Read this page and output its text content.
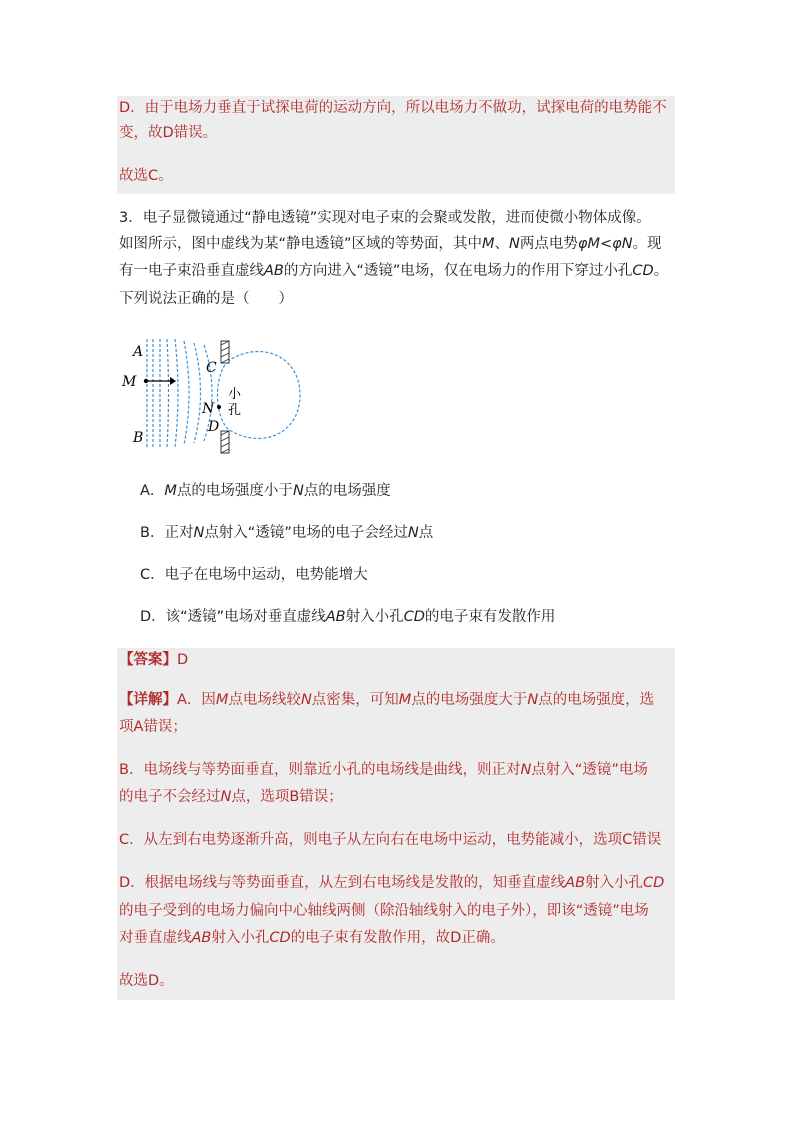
D．由于电场力垂直于试探电荷的运动方向，所以电场力不做功，试探电荷的电势能不
变，故D错误。
故选C。
3．电子显微镜通过“静电透镜”实现对电子束的会聚或发散，进而使微小物体成像。
如图所示，图中虚线为某“静电透镜”区域的等势面，其中M、N两点电势φM<φN。现
有一电子束沿垂直虚线AB的方向进入“透镜”电场，仅在电场力的作用下穿过小孔CD。
下列说法正确的是（　　）
A
M
B
C
N
D
小
孔
A．M点的电场强度小于N点的电场强度
B．正对N点射入“透镜”电场的电子会经过N点
C．电子在电场中运动，电势能增大
D．该“透镜”电场对垂直虚线AB射入小孔CD的电子束有发散作用
【答案】D
【详解】A．因M点电场线较N点密集，可知M点的电场强度大于N点的电场强度，选
项A错误；
B．电场线与等势面垂直，则靠近小孔的电场线是曲线，则正对N点射入“透镜”电场
的电子不会经过N点，选项B错误；
C．从左到右电势逐渐升高，则电子从左向右在电场中运动，电势能减小，选项C错误
D．根据电场线与等势面垂直，从左到右电场线是发散的，知垂直虚线AB射入小孔CD
的电子受到的电场力偏向中心轴线两侧（除沿轴线射入的电子外），即该“透镜”电场
对垂直虚线AB射入小孔CD的电子束有发散作用，故D正确。
故选D。
